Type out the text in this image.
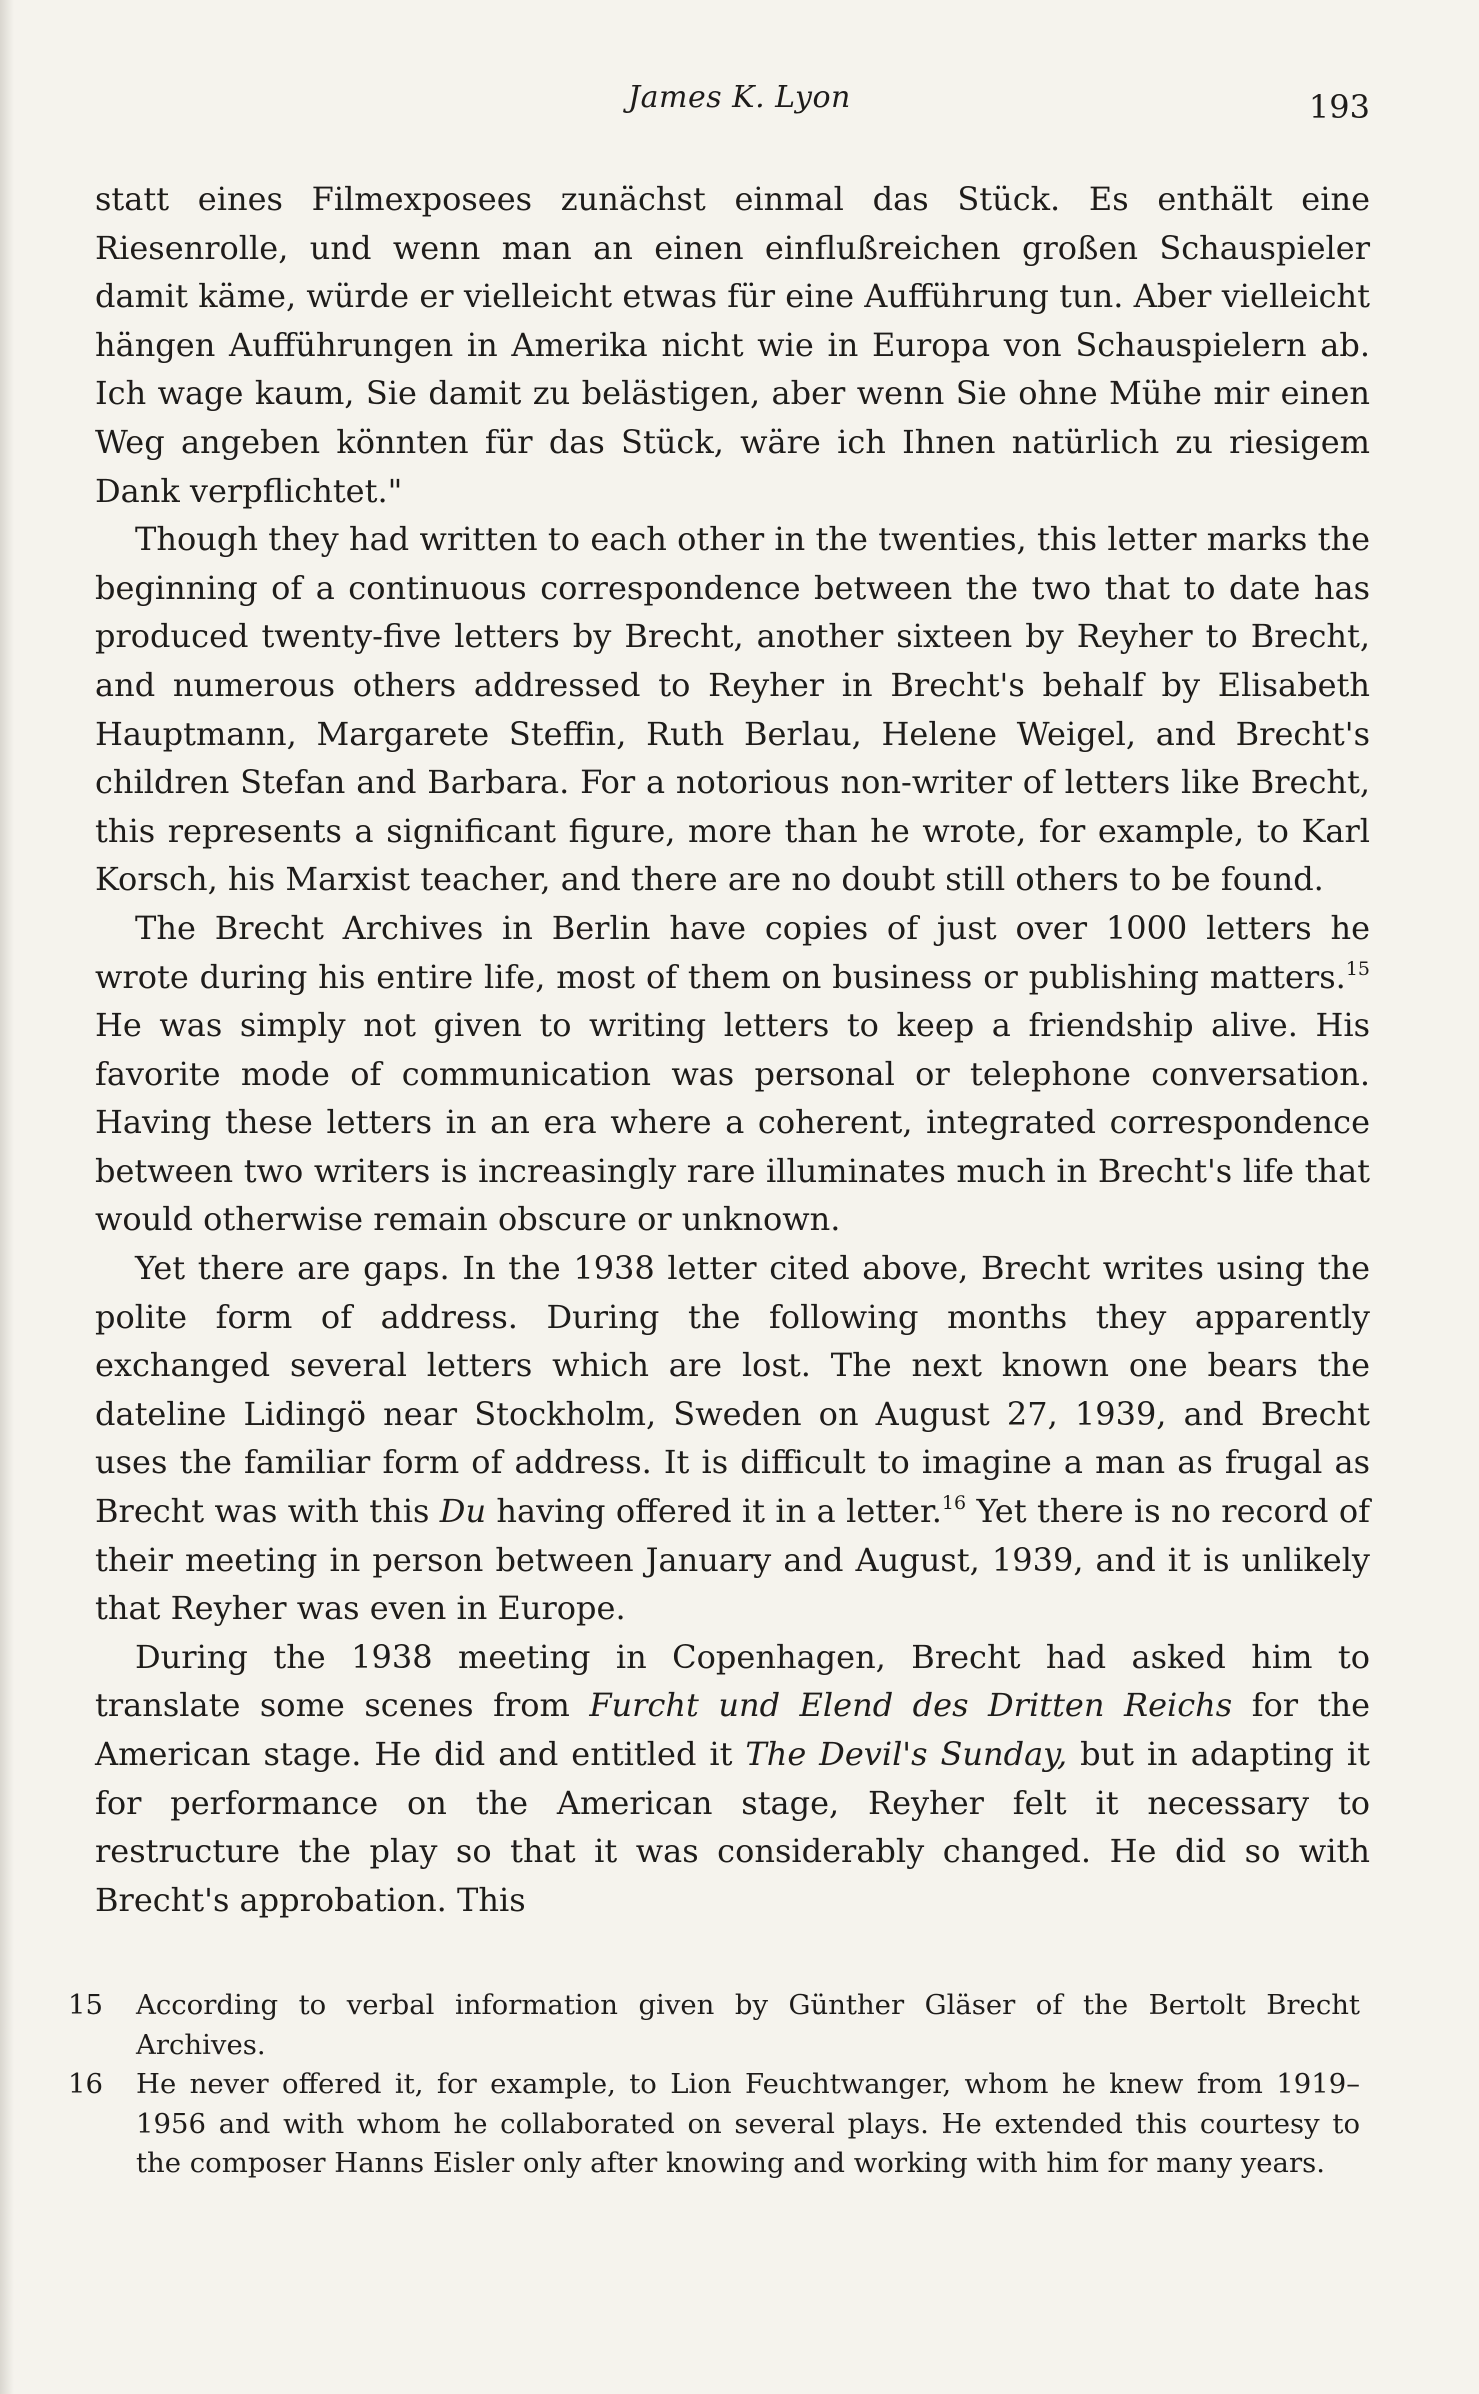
James K. Lyon	193

statt eines Filmexposees zunächst einmal das Stück. Es enthält eine Riesenrolle, und wenn man an einen einflußreichen großen Schauspieler damit käme, würde er vielleicht etwas für eine Aufführung tun. Aber vielleicht hängen Aufführungen in Amerika nicht wie in Europa von Schauspielern ab. Ich wage kaum, Sie damit zu belästigen, aber wenn Sie ohne Mühe mir einen Weg angeben könnten für das Stück, wäre ich Ihnen natürlich zu riesigem Dank verpflichtet."

Though they had written to each other in the twenties, this letter marks the beginning of a continuous correspondence between the two that to date has produced twenty-five letters by Brecht, another sixteen by Reyher to Brecht, and numerous others addressed to Reyher in Brecht's behalf by Elisabeth Hauptmann, Margarete Steffin, Ruth Berlau, Helene Weigel, and Brecht's children Stefan and Barbara. For a notorious non-writer of letters like Brecht, this represents a significant figure, more than he wrote, for example, to Karl Korsch, his Marxist teacher, and there are no doubt still others to be found.

The Brecht Archives in Berlin have copies of just over 1000 letters he wrote during his entire life, most of them on business or publishing matters.$^{15}$ He was simply not given to writing letters to keep a friendship alive. His favorite mode of communication was personal or telephone conversation. Having these letters in an era where a coherent, integrated correspondence between two writers is increasingly rare illuminates much in Brecht's life that would otherwise remain obscure or unknown.

Yet there are gaps. In the 1938 letter cited above, Brecht writes using the polite form of address. During the following months they apparently exchanged several letters which are lost. The next known one bears the dateline Lidingö near Stockholm, Sweden on August 27, 1939, and Brecht uses the familiar form of address. It is difficult to imagine a man as frugal as Brecht was with this Du having offered it in a letter.$^{16}$ Yet there is no record of their meeting in person between January and August, 1939, and it is unlikely that Reyher was even in Europe.

During the 1938 meeting in Copenhagen, Brecht had asked him to translate some scenes from Furcht und Elend des Dritten Reichs for the American stage. He did and entitled it The Devil's Sunday, but in adapting it for performance on the American stage, Reyher felt it necessary to restructure the play so that it was considerably changed. He did so with Brecht's approbation. This

15 According to verbal information given by Günther Gläser of the Bertolt Brecht Archives.

16 He never offered it, for example, to Lion Feuchtwanger, whom he knew from 1919–1956 and with whom he collaborated on several plays. He extended this courtesy to the composer Hanns Eisler only after knowing and working with him for many years.
